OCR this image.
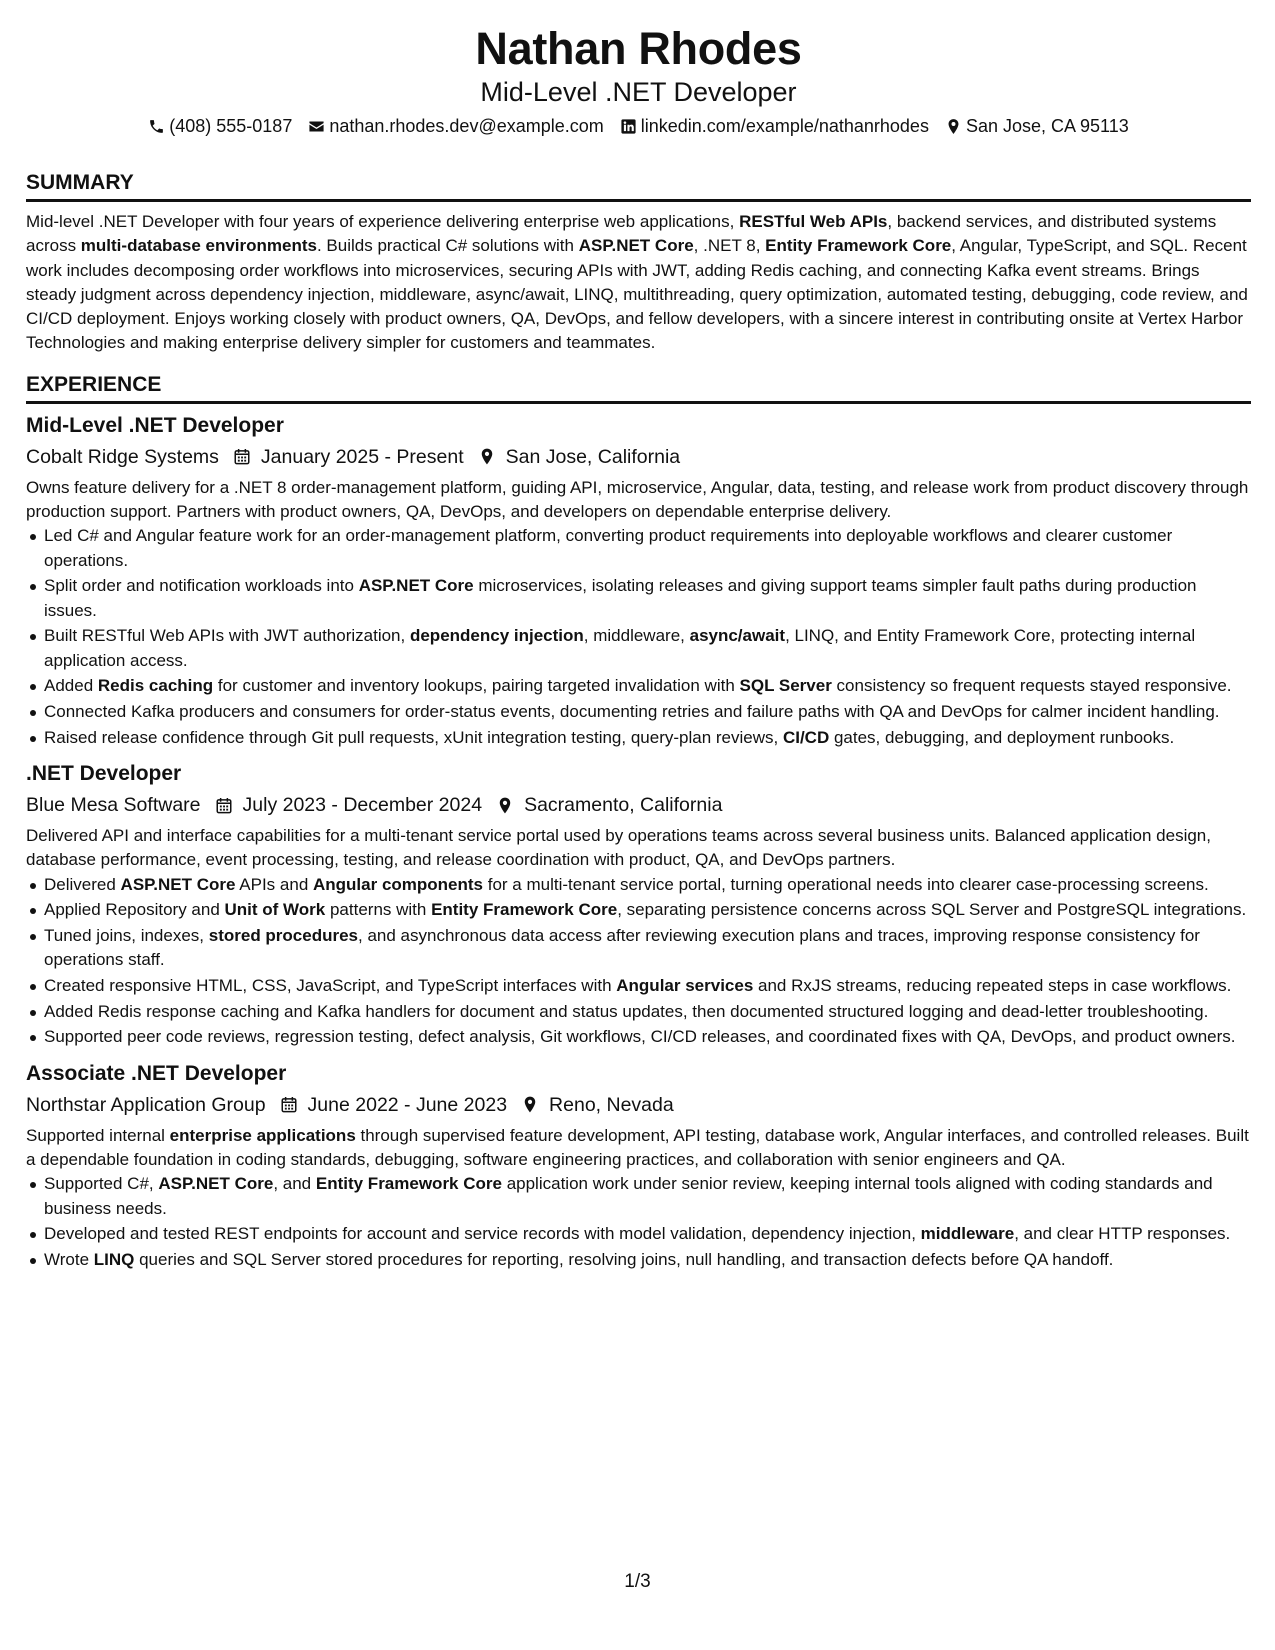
Nathan Rhodes
Mid-Level .NET Developer
(408) 555-0187 nathan.rhodes.dev@example.com linkedin.com/example/nathanrhodes San Jose, CA 95113
SUMMARY

Mid-level .NET Developer with four years of experience delivering enterprise web applications, RESTful Web APIs, backend services, and distributed systems across multi-database environments. Builds practical C# solutions with ASP.NET Core, .NET 8, Entity Framework Core, Angular, TypeScript, and SQL. Recent work includes decomposing order workflows into microservices, securing APIs with JWT, adding Redis caching, and connecting Kafka event streams. Brings steady judgment across dependency injection, middleware, async/await, LINQ, multithreading, query optimization, automated testing, debugging, code review, and CI/CD deployment. Enjoys working closely with product owners, QA, DevOps, and fellow developers, with a sincere interest in contributing onsite at Vertex Harbor Technologies and making enterprise delivery simpler for customers and teammates.

EXPERIENCE
Mid-Level .NET Developer
Cobalt Ridge Systems January 2025 - Present San Jose, California

Owns feature delivery for a .NET 8 order-management platform, guiding API, microservice, Angular, data, testing, and release work from product discovery through production support. Partners with product owners, QA, DevOps, and developers on dependable enterprise delivery.

Led C# and Angular feature work for an order-management platform, converting product requirements into deployable workflows and clearer customer operations.
Split order and notification workloads into ASP.NET Core microservices, isolating releases and giving support teams simpler fault paths during production issues.
Built RESTful Web APIs with JWT authorization, dependency injection, middleware, async/await, LINQ, and Entity Framework Core, protecting internal application access.
Added Redis caching for customer and inventory lookups, pairing targeted invalidation with SQL Server consistency so frequent requests stayed responsive.
Connected Kafka producers and consumers for order-status events, documenting retries and failure paths with QA and DevOps for calmer incident handling.
Raised release confidence through Git pull requests, xUnit integration testing, query-plan reviews, CI/CD gates, debugging, and deployment runbooks.
.NET Developer
Blue Mesa Software July 2023 - December 2024 Sacramento, California

Delivered API and interface capabilities for a multi-tenant service portal used by operations teams across several business units. Balanced application design, database performance, event processing, testing, and release coordination with product, QA, and DevOps partners.

Delivered ASP.NET Core APIs and Angular components for a multi-tenant service portal, turning operational needs into clearer case-processing screens.
Applied Repository and Unit of Work patterns with Entity Framework Core, separating persistence concerns across SQL Server and PostgreSQL integrations.
Tuned joins, indexes, stored procedures, and asynchronous data access after reviewing execution plans and traces, improving response consistency for operations staff.
Created responsive HTML, CSS, JavaScript, and TypeScript interfaces with Angular services and RxJS streams, reducing repeated steps in case workflows.
Added Redis response caching and Kafka handlers for document and status updates, then documented structured logging and dead-letter troubleshooting.
Supported peer code reviews, regression testing, defect analysis, Git workflows, CI/CD releases, and coordinated fixes with QA, DevOps, and product owners.
Associate .NET Developer
Northstar Application Group June 2022 - June 2023 Reno, Nevada

Supported internal enterprise applications through supervised feature development, API testing, database work, Angular interfaces, and controlled releases. Built a dependable foundation in coding standards, debugging, software engineering practices, and collaboration with senior engineers and QA.

Supported C#, ASP.NET Core, and Entity Framework Core application work under senior review, keeping internal tools aligned with coding standards and business needs.
Developed and tested REST endpoints for account and service records with model validation, dependency injection, middleware, and clear HTTP responses.
Wrote LINQ queries and SQL Server stored procedures for reporting, resolving joins, null handling, and transaction defects before QA handoff.
1/3
